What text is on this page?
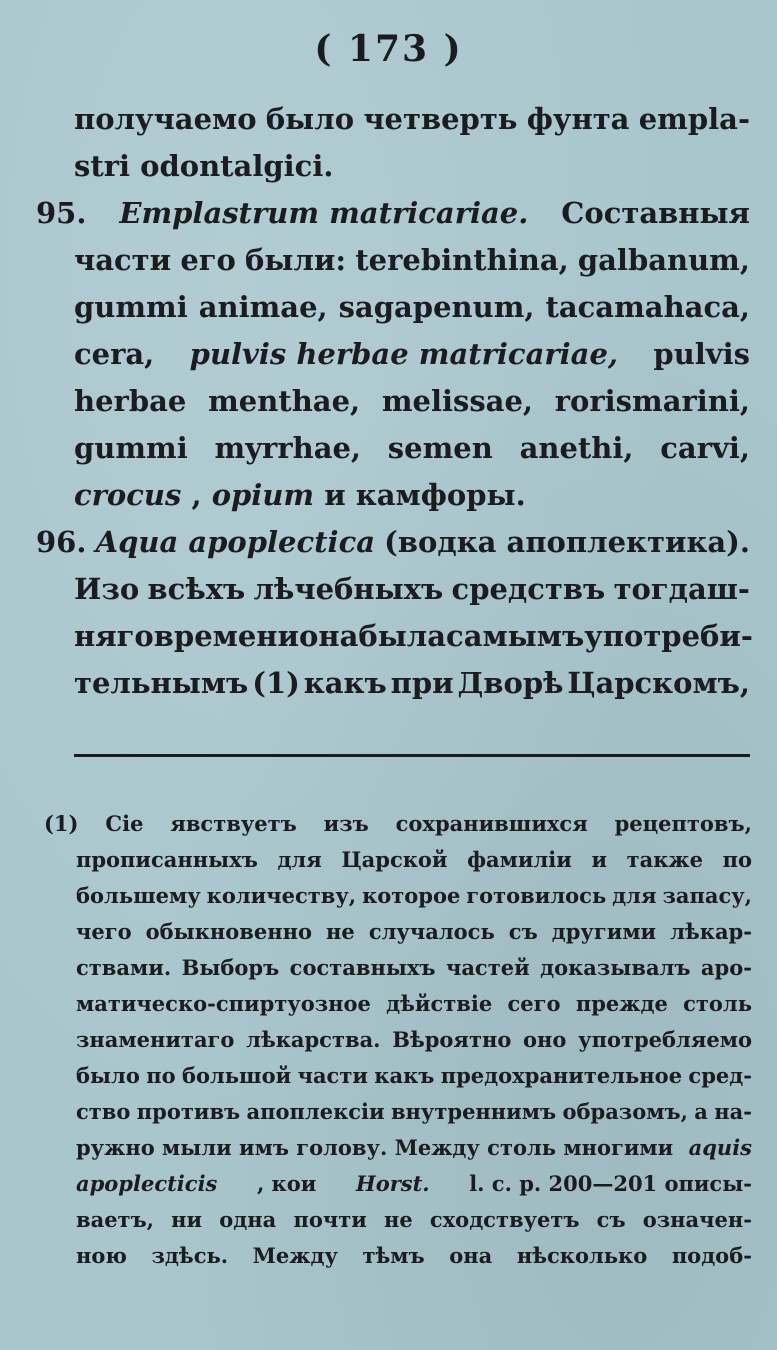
( 173 )
получаемо было четверть фунта empla-
stri odontalgici.
95. Emplastrum matricariae. Составныя
части его были: terebinthina, galbanum,
gummi animae, sagapenum, tacamahaca,
cera, pulvis herbae matricariae, pulvis
herbae menthae, melissae, rorismarini,
gummi myrrhae, semen anethi, carvi,
crocus
,
opium
и камфоры.
96. Aqua apoplectica (водка апоплектика).
Изо всѣхъ лѣчебныхъ средствъ тогдаш-
няго времени она была самымъ употреби-
тельнымъ (1) какъ при Дворѣ Царскомъ,
(1) Сіе явствуетъ изъ сохранившихся рецептовъ,
прописанныхъ для Царской фамиліи и также по
большему количеству, которое готовилось для запасу,
чего обыкновенно не случалось съ другими лѣкар-
ствами. Выборъ составныхъ частей доказывалъ аро-
матическо-спиртуозное дѣйствіе сего прежде столь
знаменитаго лѣкарства. Вѣроятно оно употребляемо
было по большой части какъ предохранительное сред-
ство противъ апоплексіи внутреннимъ образомъ, а на-
ружно мыли имъ голову. Между столь многими aquis
apoplecticis , кои Horst. l. c. p. 200—201 описы-
ваетъ, ни одна почти не сходствуетъ съ означен-
ною здѣсь. Между тѣмъ она нѣсколько подоб-
